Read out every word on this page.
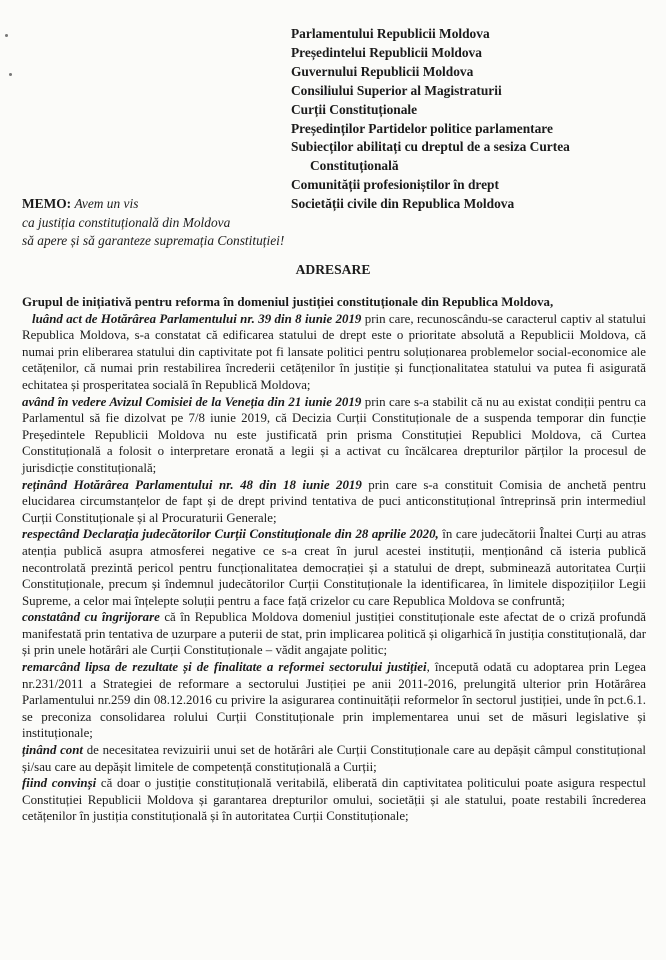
Parlamentului Republicii Moldova
Președintelui Republicii Moldova
Guvernului Republicii Moldova
Consiliului Superior al Magistraturii
Curții Constituționale
Președinților Partidelor politice parlamentare
Subiecților abilitați cu dreptul de a sesiza Curtea
Constituțională
Comunității profesioniștilor în drept
Societății civile din Republica Moldova
MEMO: Avem un vis
ca justiția constituțională din Moldova
să apere și să garanteze supremația Constituției!
ADRESARE

Grupul de inițiativă pentru reforma în domeniul justiției constituționale din Republica Moldova,
luând act de Hotărârea Parlamentului nr. 39 din 8 iunie 2019 prin care, recunoscându-se caracterul captiv al statului Republica Moldova, s-a constatat că edificarea statului de drept este o prioritate absolută a Republicii Moldova, că numai prin eliberarea statului din captivitate pot fi lansate politici pentru soluționarea problemelor social-economice ale cetățenilor, că numai prin restabilirea încrederii cetățenilor în justiție și funcționalitatea statului va putea fi asigurată echitatea și prosperitatea socială în Republică Moldova;

având în vedere Avizul Comisiei de la Veneția din 21 iunie 2019 prin care s-a stabilit că nu au existat condiții pentru ca Parlamentul să fie dizolvat pe 7/8 iunie 2019, că Decizia Curții Constituționale de a suspenda temporar din funcție Președintele Republicii Moldova nu este justificată prin prisma Constituției Republici Moldova, că Curtea Constituțională a folosit o interpretare eronată a legii și a activat cu încălcarea drepturilor părților la procesul de jurisdicție constituțională;

reținând Hotărârea Parlamentului nr. 48 din 18 iunie 2019 prin care s-a constituit Comisia de anchetă pentru elucidarea circumstanțelor de fapt și de drept privind tentativa de puci anticonstituțional întreprinsă prin intermediul Curții Constituționale și al Procuraturii Generale;

respectând Declarația judecătorilor Curții Constituționale din 28 aprilie 2020, în care judecătorii Înaltei Curți au atras atenția publică asupra atmosferei negative ce s-a creat în jurul acestei instituții, menționând că isteria publică necontrolată prezintă pericol pentru funcționalitatea democrației și a statului de drept, subminează autoritatea Curții Constituționale, precum și îndemnul judecătorilor Curții Constituționale la identificarea, în limitele dispozițiilor Legii Supreme, a celor mai înțelepte soluții pentru a face față crizelor cu care Republica Moldova se confruntă;

constatând cu îngrijorare că în Republica Moldova domeniul justiției constituționale este afectat de o criză profundă manifestată prin tentativa de uzurpare a puterii de stat, prin implicarea politică și oligarhică în justiția constituțională, dar și prin unele hotărâri ale Curții Constituționale – vădit angajate politic;

remarcând lipsa de rezultate și de finalitate a reformei sectorului justiției, începută odată cu adoptarea prin Legea nr.231/2011 a Strategiei de reformare a sectorului Justiției pe anii 2011-2016, prelungită ulterior prin Hotărârea Parlamentului nr.259 din 08.12.2016 cu privire la asigurarea continuității reformelor în sectorul justiției, unde în pct.6.1. se preconiza consolidarea rolului Curții Constituționale prin implementarea unui set de măsuri legislative și instituționale;

ținând cont de necesitatea revizuirii unui set de hotărâri ale Curții Constituționale care au depășit câmpul constituțional și/sau care au depășit limitele de competență constituțională a Curții;

fiind convinși că doar o justiție constituțională veritabilă, eliberată din captivitatea politicului poate asigura respectul Constituției Republicii Moldova și garantarea drepturilor omului, societății și ale statului, poate restabili încrederea cetățenilor în justiția constituțională și în autoritatea Curții Constituționale;
